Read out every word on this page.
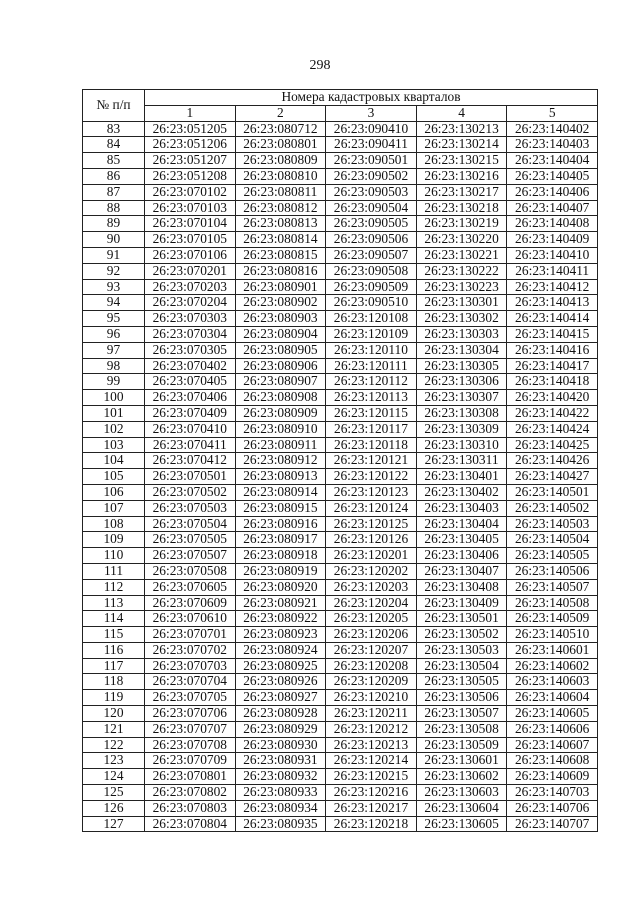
298
№ п/п	Номера кадастровых кварталов				
	1	2	3	4	5
83	26:23:051205	26:23:080712	26:23:090410	26:23:130213	26:23:140402
84	26:23:051206	26:23:080801	26:23:090411	26:23:130214	26:23:140403
85	26:23:051207	26:23:080809	26:23:090501	26:23:130215	26:23:140404
86	26:23:051208	26:23:080810	26:23:090502	26:23:130216	26:23:140405
87	26:23:070102	26:23:080811	26:23:090503	26:23:130217	26:23:140406
88	26:23:070103	26:23:080812	26:23:090504	26:23:130218	26:23:140407
89	26:23:070104	26:23:080813	26:23:090505	26:23:130219	26:23:140408
90	26:23:070105	26:23:080814	26:23:090506	26:23:130220	26:23:140409
91	26:23:070106	26:23:080815	26:23:090507	26:23:130221	26:23:140410
92	26:23:070201	26:23:080816	26:23:090508	26:23:130222	26:23:140411
93	26:23:070203	26:23:080901	26:23:090509	26:23:130223	26:23:140412
94	26:23:070204	26:23:080902	26:23:090510	26:23:130301	26:23:140413
95	26:23:070303	26:23:080903	26:23:120108	26:23:130302	26:23:140414
96	26:23:070304	26:23:080904	26:23:120109	26:23:130303	26:23:140415
97	26:23:070305	26:23:080905	26:23:120110	26:23:130304	26:23:140416
98	26:23:070402	26:23:080906	26:23:120111	26:23:130305	26:23:140417
99	26:23:070405	26:23:080907	26:23:120112	26:23:130306	26:23:140418
100	26:23:070406	26:23:080908	26:23:120113	26:23:130307	26:23:140420
101	26:23:070409	26:23:080909	26:23:120115	26:23:130308	26:23:140422
102	26:23:070410	26:23:080910	26:23:120117	26:23:130309	26:23:140424
103	26:23:070411	26:23:080911	26:23:120118	26:23:130310	26:23:140425
104	26:23:070412	26:23:080912	26:23:120121	26:23:130311	26:23:140426
105	26:23:070501	26:23:080913	26:23:120122	26:23:130401	26:23:140427
106	26:23:070502	26:23:080914	26:23:120123	26:23:130402	26:23:140501
107	26:23:070503	26:23:080915	26:23:120124	26:23:130403	26:23:140502
108	26:23:070504	26:23:080916	26:23:120125	26:23:130404	26:23:140503
109	26:23:070505	26:23:080917	26:23:120126	26:23:130405	26:23:140504
110	26:23:070507	26:23:080918	26:23:120201	26:23:130406	26:23:140505
111	26:23:070508	26:23:080919	26:23:120202	26:23:130407	26:23:140506
112	26:23:070605	26:23:080920	26:23:120203	26:23:130408	26:23:140507
113	26:23:070609	26:23:080921	26:23:120204	26:23:130409	26:23:140508
114	26:23:070610	26:23:080922	26:23:120205	26:23:130501	26:23:140509
115	26:23:070701	26:23:080923	26:23:120206	26:23:130502	26:23:140510
116	26:23:070702	26:23:080924	26:23:120207	26:23:130503	26:23:140601
117	26:23:070703	26:23:080925	26:23:120208	26:23:130504	26:23:140602
118	26:23:070704	26:23:080926	26:23:120209	26:23:130505	26:23:140603
119	26:23:070705	26:23:080927	26:23:120210	26:23:130506	26:23:140604
120	26:23:070706	26:23:080928	26:23:120211	26:23:130507	26:23:140605
121	26:23:070707	26:23:080929	26:23:120212	26:23:130508	26:23:140606
122	26:23:070708	26:23:080930	26:23:120213	26:23:130509	26:23:140607
123	26:23:070709	26:23:080931	26:23:120214	26:23:130601	26:23:140608
124	26:23:070801	26:23:080932	26:23:120215	26:23:130602	26:23:140609
125	26:23:070802	26:23:080933	26:23:120216	26:23:130603	26:23:140703
126	26:23:070803	26:23:080934	26:23:120217	26:23:130604	26:23:140706
127	26:23:070804	26:23:080935	26:23:120218	26:23:130605	26:23:140707
